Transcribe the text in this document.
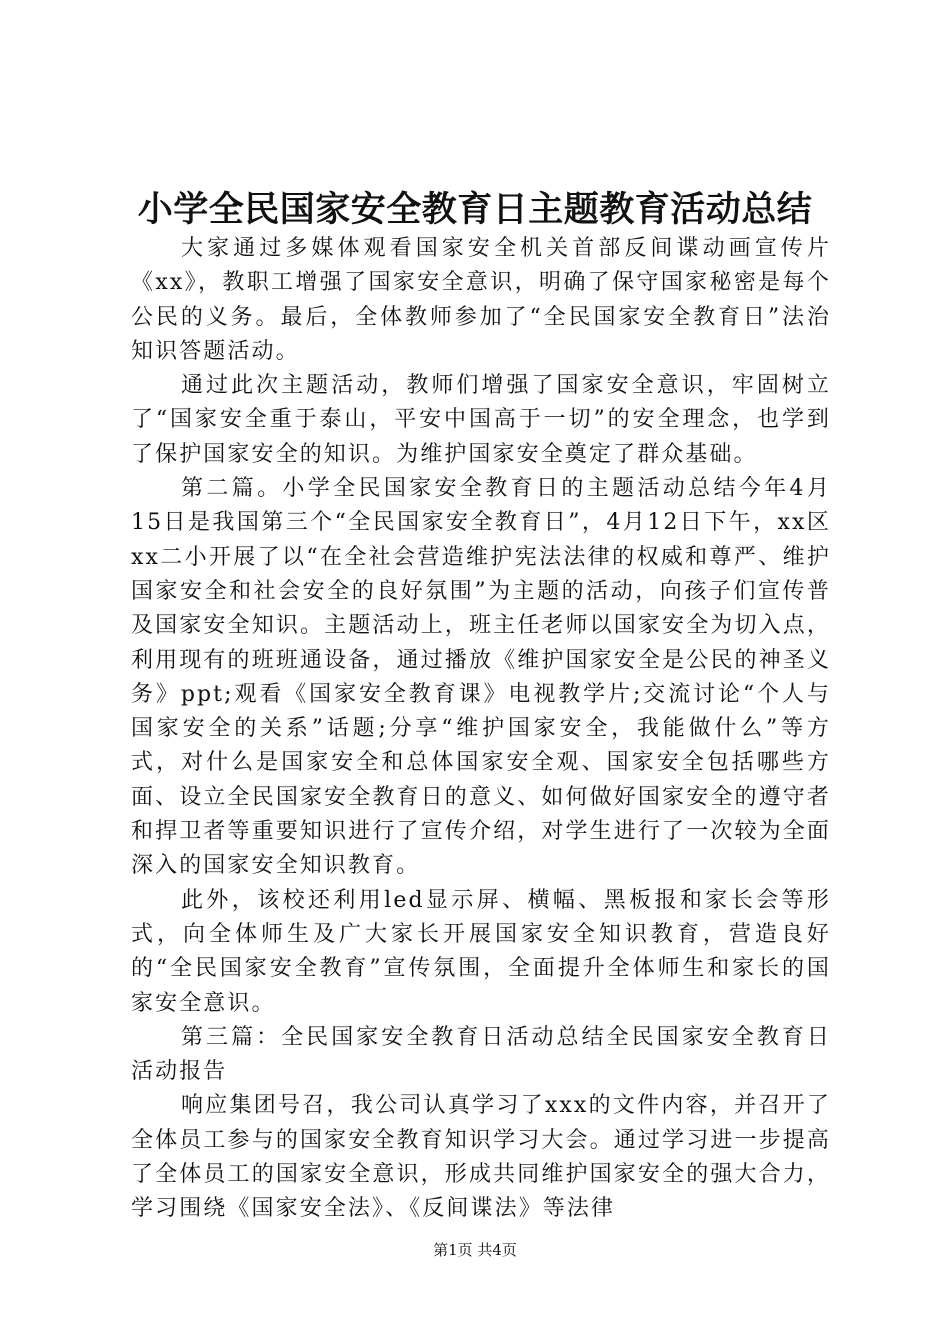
小学全民国家安全教育日主题教育活动总结

大家通过多媒体观看国家安全机关首部反间谍动画宣传片《xx》，教职工增强了国家安全意识，明确了保守国家秘密是每个公民的义务。最后，全体教师参加了“全民国家安全教育日”法治知识答题活动。

通过此次主题活动，教师们增强了国家安全意识，牢固树立了“国家安全重于泰山，平安中国高于一切”的安全理念，也学到了保护国家安全的知识。为维护国家安全奠定了群众基础。

第二篇。小学全民国家安全教育日的主题活动总结今年4月15日是我国第三个“全民国家安全教育日”，4月12日下午，xx区xx二小开展了以“在全社会营造维护宪法法律的权威和尊严、维护国家安全和社会安全的良好氛围”为主题的活动，向孩子们宣传普及国家安全知识。主题活动上，班主任老师以国家安全为切入点，利用现有的班班通设备，通过播放《维护国家安全是公民的神圣义务》ppt;观看《国家安全教育课》电视教学片;交流讨论“个人与国家安全的关系”话题;分享“维护国家安全，我能做什么”等方式，对什么是国家安全和总体国家安全观、国家安全包括哪些方面、设立全民国家安全教育日的意义、如何做好国家安全的遵守者和捍卫者等重要知识进行了宣传介绍，对学生进行了一次较为全面深入的国家安全知识教育。

此外，该校还利用led显示屏、横幅、黑板报和家长会等形式，向全体师生及广大家长开展国家安全知识教育，营造良好的“全民国家安全教育”宣传氛围，全面提升全体师生和家长的国家安全意识。

第三篇：全民国家安全教育日活动总结全民国家安全教育日活动报告

响应集团号召，我公司认真学习了xxx的文件内容，并召开了全体员工参与的国家安全教育知识学习大会。通过学习进一步提高了全体员工的国家安全意识，形成共同维护国家安全的强大合力，学习围绕《国家安全法》、《反间谍法》等法律

第1页 共4页
